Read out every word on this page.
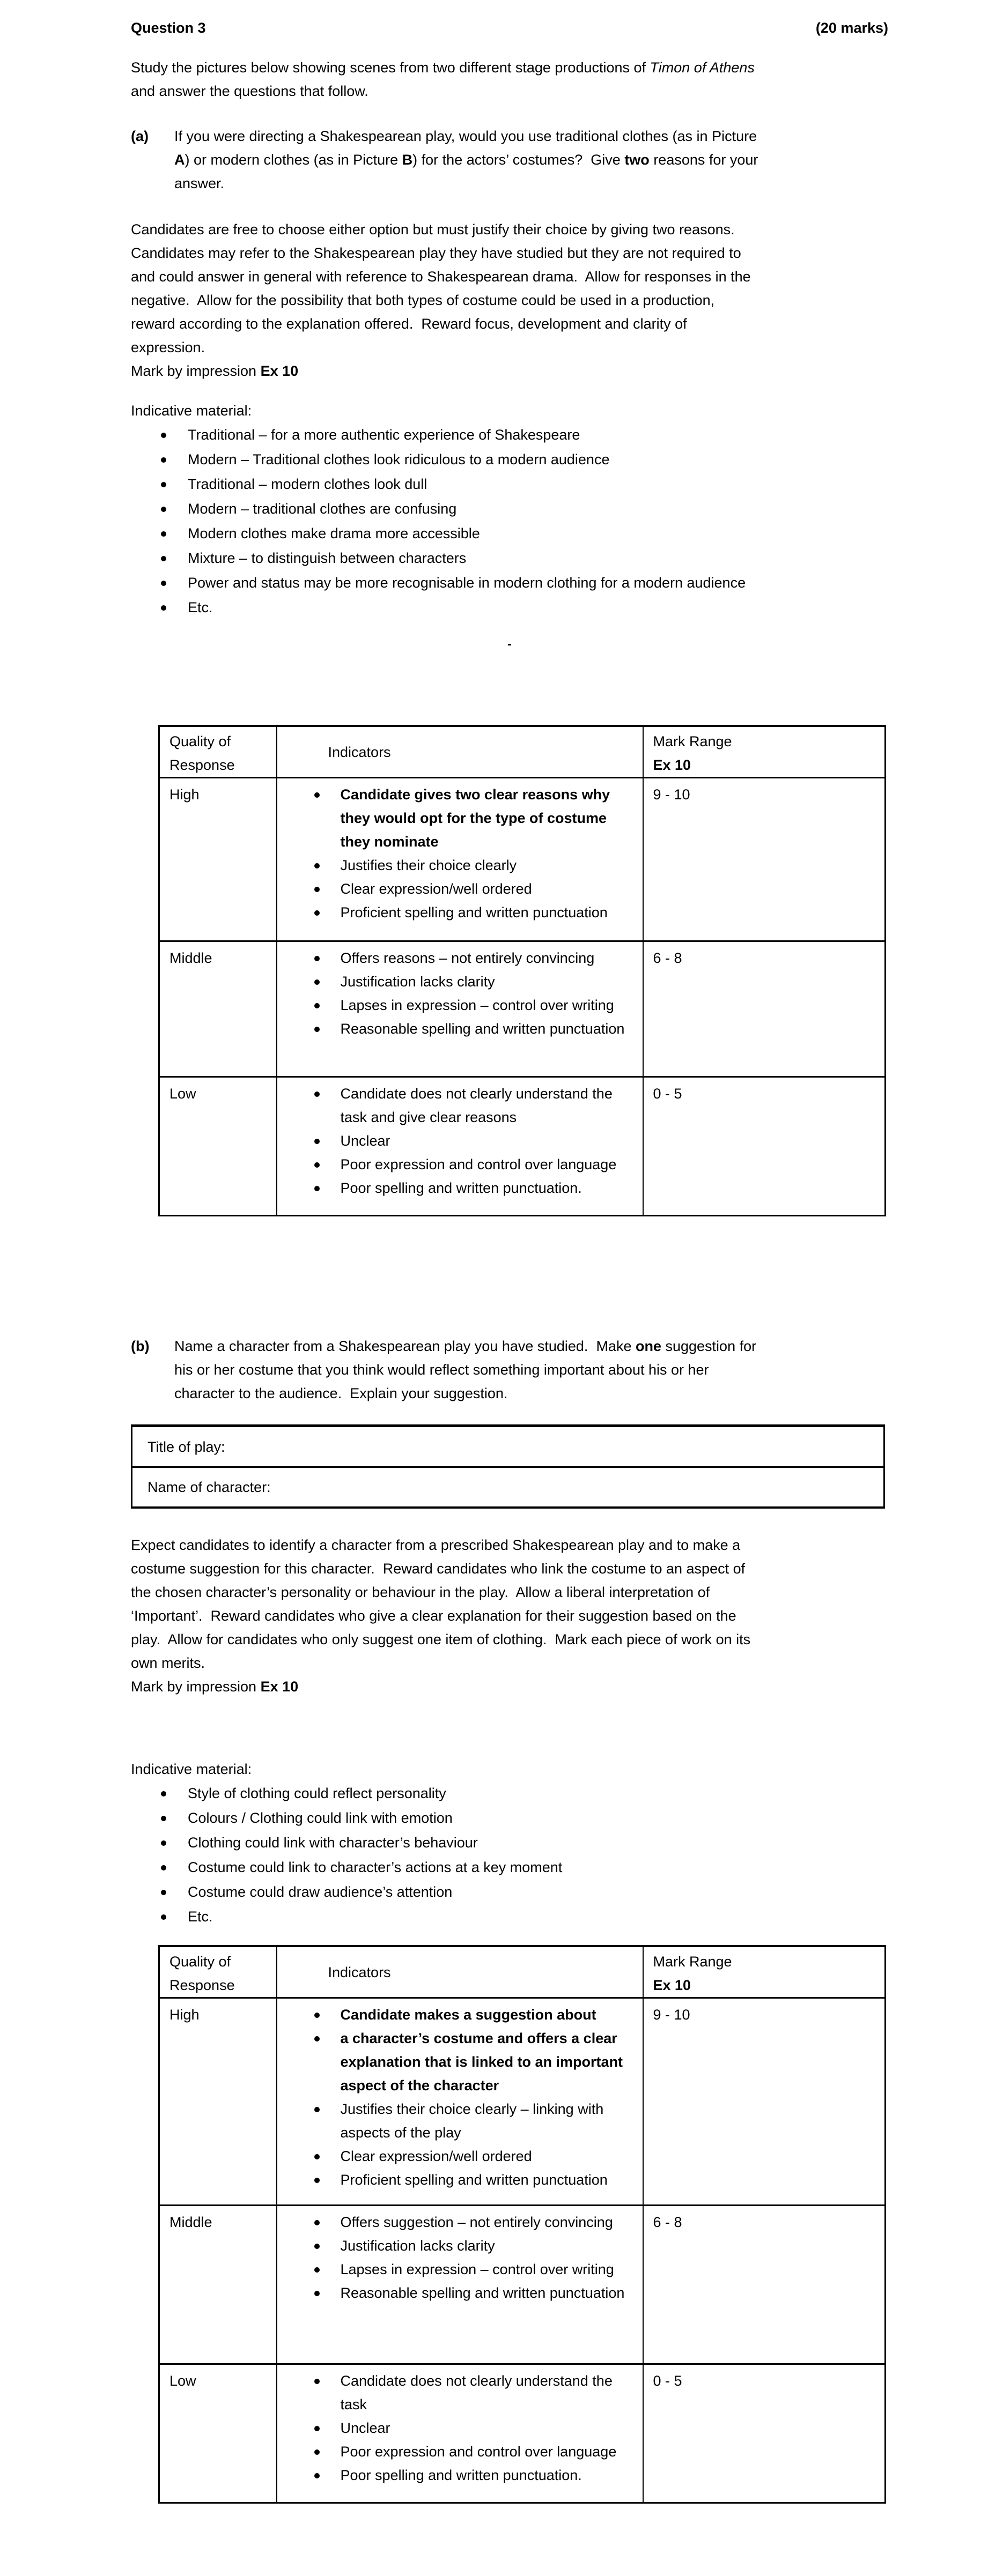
Question 3	(20 marks)
Study the pictures below showing scenes from two different stage productions of Timon of Athens
and answer the questions that follow.
(a)	If you were directing a Shakespearean play, would you use traditional clothes (as in Picture
A) or modern clothes (as in Picture B) for the actors’ costumes?  Give two reasons for your
answer.
Candidates are free to choose either option but must justify their choice by giving two reasons.
Candidates may refer to the Shakespearean play they have studied but they are not required to
and could answer in general with reference to Shakespearean drama.  Allow for responses in the
negative.  Allow for the possibility that both types of costume could be used in a production,
reward according to the explanation offered.  Reward focus, development and clarity of
expression.
Mark by impression Ex 10
Indicative material:
Traditional – for a more authentic experience of Shakespeare
Modern – Traditional clothes look ridiculous to a modern audience
Traditional – modern clothes look dull
Modern – traditional clothes are confusing
Modern clothes make drama more accessible
Mixture – to distinguish between characters
Power and status may be more recognisable in modern clothing for a modern audience
Etc.
-
Quality of Response	Indicators	Mark Range
Ex 10

High	Candidate gives two clear reasons why they would opt for the type of costume they nominate
Justifies their choice clearly
Clear expression/well ordered
Proficient spelling and written punctuation
	9 - 10
Middle	Offers reasons – not entirely convincing
Justification lacks clarity
Lapses in expression – control over writing
Reasonable spelling and written punctuation
	6 - 8
Low	Candidate does not clearly understand the task and give clear reasons
Unclear
Poor expression and control over language
Poor spelling and written punctuation.
	0 - 5
(b)	Name a character from a Shakespearean play you have studied.  Make one suggestion for
his or her costume that you think would reflect something important about his or her
character to the audience.  Explain your suggestion.
Title of play:
Name of character:
Expect candidates to identify a character from a prescribed Shakespearean play and to make a
costume suggestion for this character.  Reward candidates who link the costume to an aspect of
the chosen character’s personality or behaviour in the play.  Allow a liberal interpretation of
‘Important’.  Reward candidates who give a clear explanation for their suggestion based on the
play.  Allow for candidates who only suggest one item of clothing.  Mark each piece of work on its
own merits.
Mark by impression Ex 10
Indicative material:
Style of clothing could reflect personality
Colours / Clothing could link with emotion
Clothing could link with character’s behaviour
Costume could link to character’s actions at a key moment
Costume could draw audience’s attention
Etc.
Quality of Response	Indicators	Mark Range
Ex 10

High	Candidate makes a suggestion about
a character’s costume and offers a clear explanation that is linked to an important aspect of the character
Justifies their choice clearly – linking with aspects of the play
Clear expression/well ordered
Proficient spelling and written punctuation
	9 - 10
Middle	Offers suggestion – not entirely convincing
Justification lacks clarity
Lapses in expression – control over writing
Reasonable spelling and written punctuation
	6 - 8
Low	Candidate does not clearly understand the task
Unclear
Poor expression and control over language
Poor spelling and written punctuation.
	0 - 5
